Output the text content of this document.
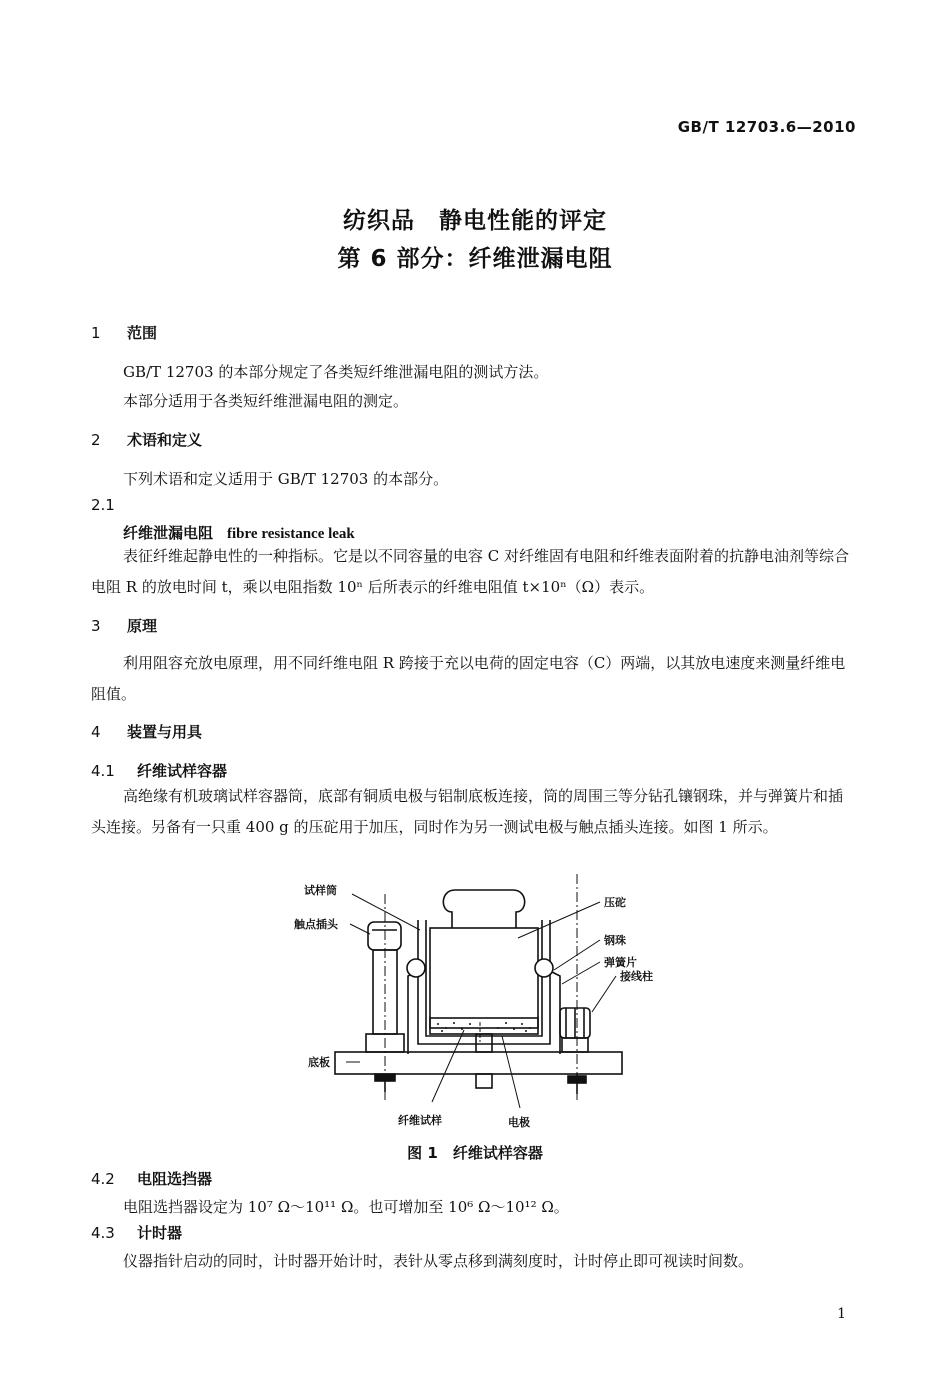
GB/T 12703.6—2010
纺织品　静电性能的评定
第 6 部分：纤维泄漏电阻
1 范围
GB/T 12703 的本部分规定了各类短纤维泄漏电阻的测试方法。
本部分适用于各类短纤维泄漏电阻的测定。
2 术语和定义
下列术语和定义适用于 GB/T 12703 的本部分。
2.1
纤维泄漏电阻 fibre resistance leak
表征纤维起静电性的一种指标。它是以不同容量的电容 C 对纤维固有电阻和纤维表面附着的抗静电油剂等综合电阻 R 的放电时间 t，乘以电阻指数 10ⁿ 后所表示的纤维电阻值 t×10ⁿ（Ω）表示。
3 原理
利用阻容充放电原理，用不同纤维电阻 R 跨接于充以电荷的固定电容（C）两端，以其放电速度来测量纤维电阻值。
4 装置与用具
4.1 纤维试样容器
高绝缘有机玻璃试样容器筒，底部有铜质电极与铝制底板连接，筒的周围三等分钻孔镶钢珠，并与弹簧片和插头连接。另备有一只重 400 g 的压砣用于加压，同时作为另一测试电极与触点插头连接。如图 1 所示。
试样筒
触点插头
底板
压砣
钢珠
弹簧片
接线柱
纤维试样	电极
图 1　纤维试样容器
4.2 电阻选挡器
电阻选挡器设定为 10⁷ Ω～10¹¹ Ω。也可增加至 10⁶ Ω～10¹² Ω。
4.3 计时器
仪器指针启动的同时，计时器开始计时，表针从零点移到满刻度时，计时停止即可视读时间数。
1
